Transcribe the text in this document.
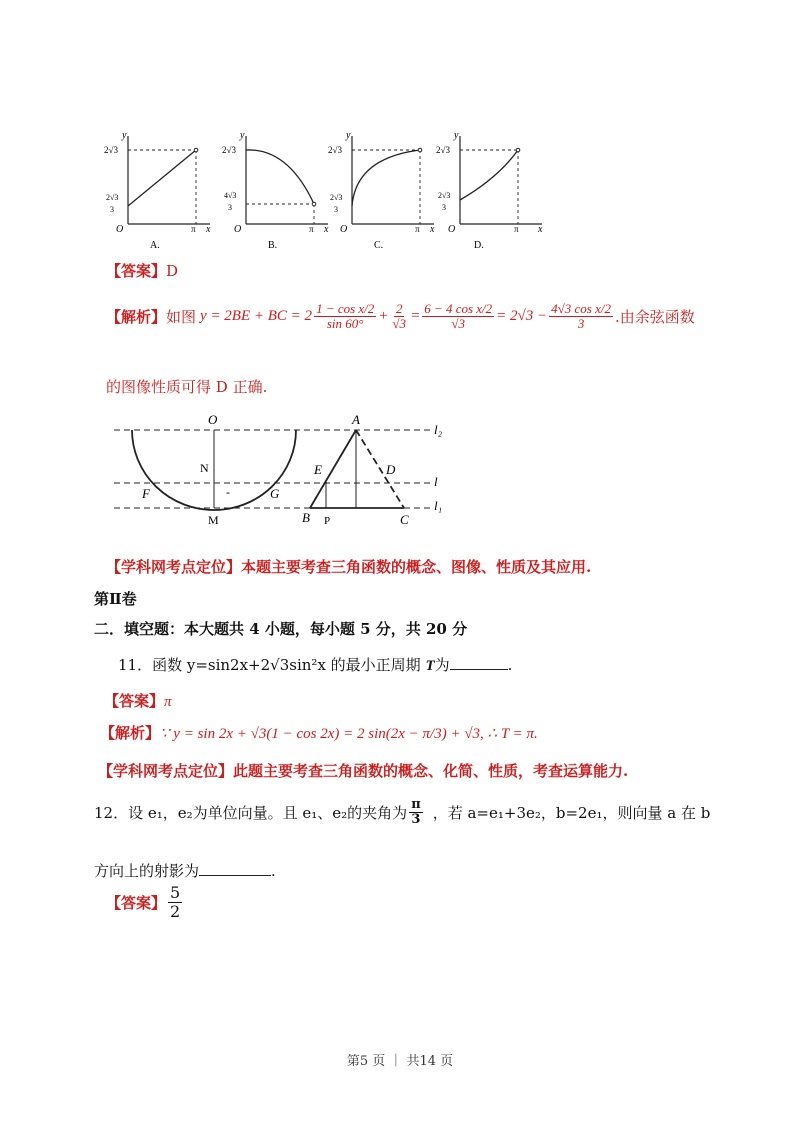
y
2√3
2√3
3
O	π x
A.
y
2√3
4√3
3
O	π x
B.
y
2√3
2√3
3
O	π x
C.
y
2√3
2√3
3
O	π x
D.
【答案】D
【解析】 如图 y = 2BE + BC = $2 \frac{\text{1 − cos x/2}}{\sin 60^\circ} + \frac{2}{√3} = \frac{\text{6 − 4 cos x/2}}{√3} = 2√3 - \frac{\text{4√3 cos x/2}}{3}$ .由余弦函数
的图像性质可得 D 正确.
O
N
F	G
-
M
A
E	D
B P	C
l₂
l
l₁
【学科网考点定位】本题主要考查三角函数的概念、图像、性质及其应用.
第Ⅱ卷
二．填空题：本大题共 4 小题，每小题 5 分，共 20 分
11．函数 y=sin2x+2√3sin²x 的最小正周期 T为	.
【答案】π
【解析】∵ y = sin 2x + √3(1 − cos 2x) = 2 sin(2x − π/3) + √3, ∴ T = π.
【学科网考点定位】此题主要考查三角函数的概念、化简、性质，考查运算能力.
12．设 e₁，e₂为单位向量。且 e₁、e₂的夹角为 $\frac{\pi}{3}$ ，若 a=e₁+3e₂，b=2e₁，则向量 a 在 b
方向上的射影为	.
【答案】 $\frac{5}{2}$
第5 页 ｜ 共14 页
